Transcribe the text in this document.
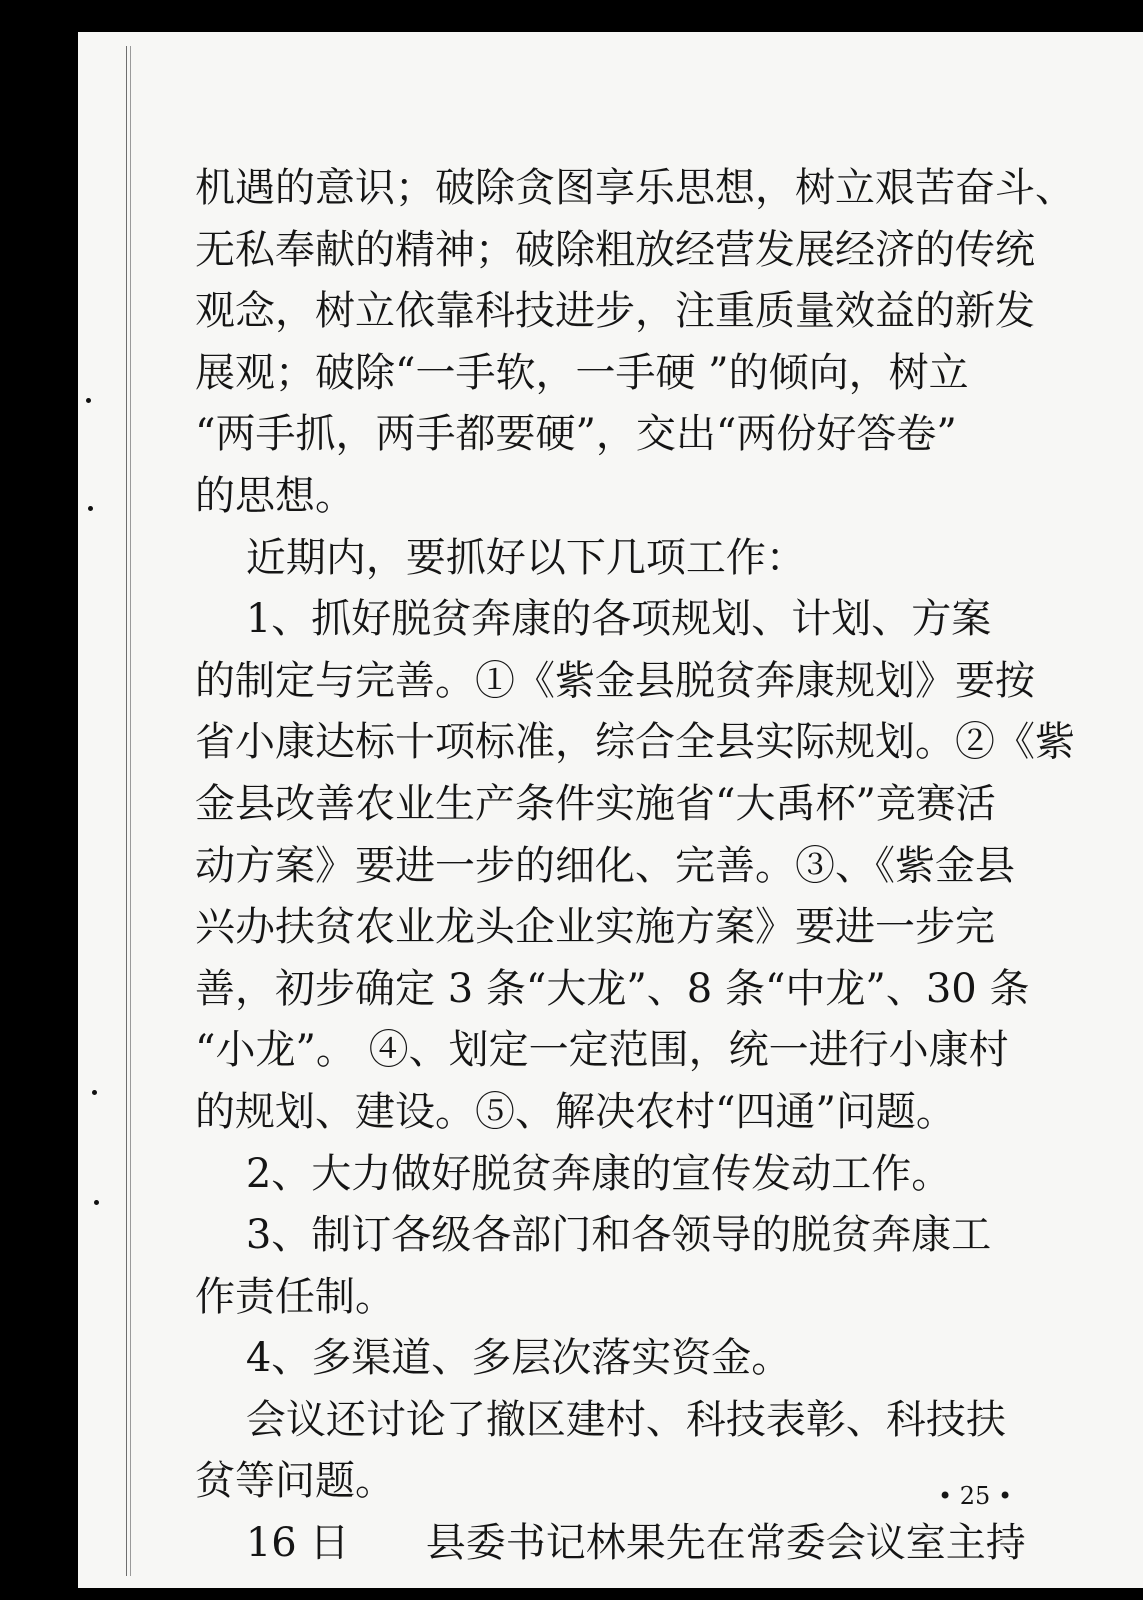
机遇的意识；破除贪图享乐思想，树立艰苦奋斗、
无私奉献的精神；破除粗放经营发展经济的传统
观念，树立依靠科技进步，注重质量效益的新发
展观；破除“一手软，一手硬 ”的倾向，树立
“两手抓，两手都要硬”，交出“两份好答卷”
的思想。
近期内，要抓好以下几项工作：
1、抓好脱贫奔康的各项规划、计划、方案
的制定与完善。①《紫金县脱贫奔康规划》要按
省小康达标十项标准，综合全县实际规划。②《紫
金县改善农业生产条件实施省“大禹杯”竞赛活
动方案》要进一步的细化、完善。③、《紫金县
兴办扶贫农业龙头企业实施方案》要进一步完
善，初步确定 3 条“大龙”、8 条“中龙”、30 条
“小龙”。 ④、划定一定范围，统一进行小康村
的规划、建设。⑤、解决农村“四通”问题。
2、大力做好脱贫奔康的宣传发动工作。
3、制订各级各部门和各领导的脱贫奔康工
作责任制。
4、多渠道、多层次落实资金。
会议还讨论了撤区建村、科技表彰、科技扶
贫等问题。
16 日      县委书记林果先在常委会议室主持
• 25 •
